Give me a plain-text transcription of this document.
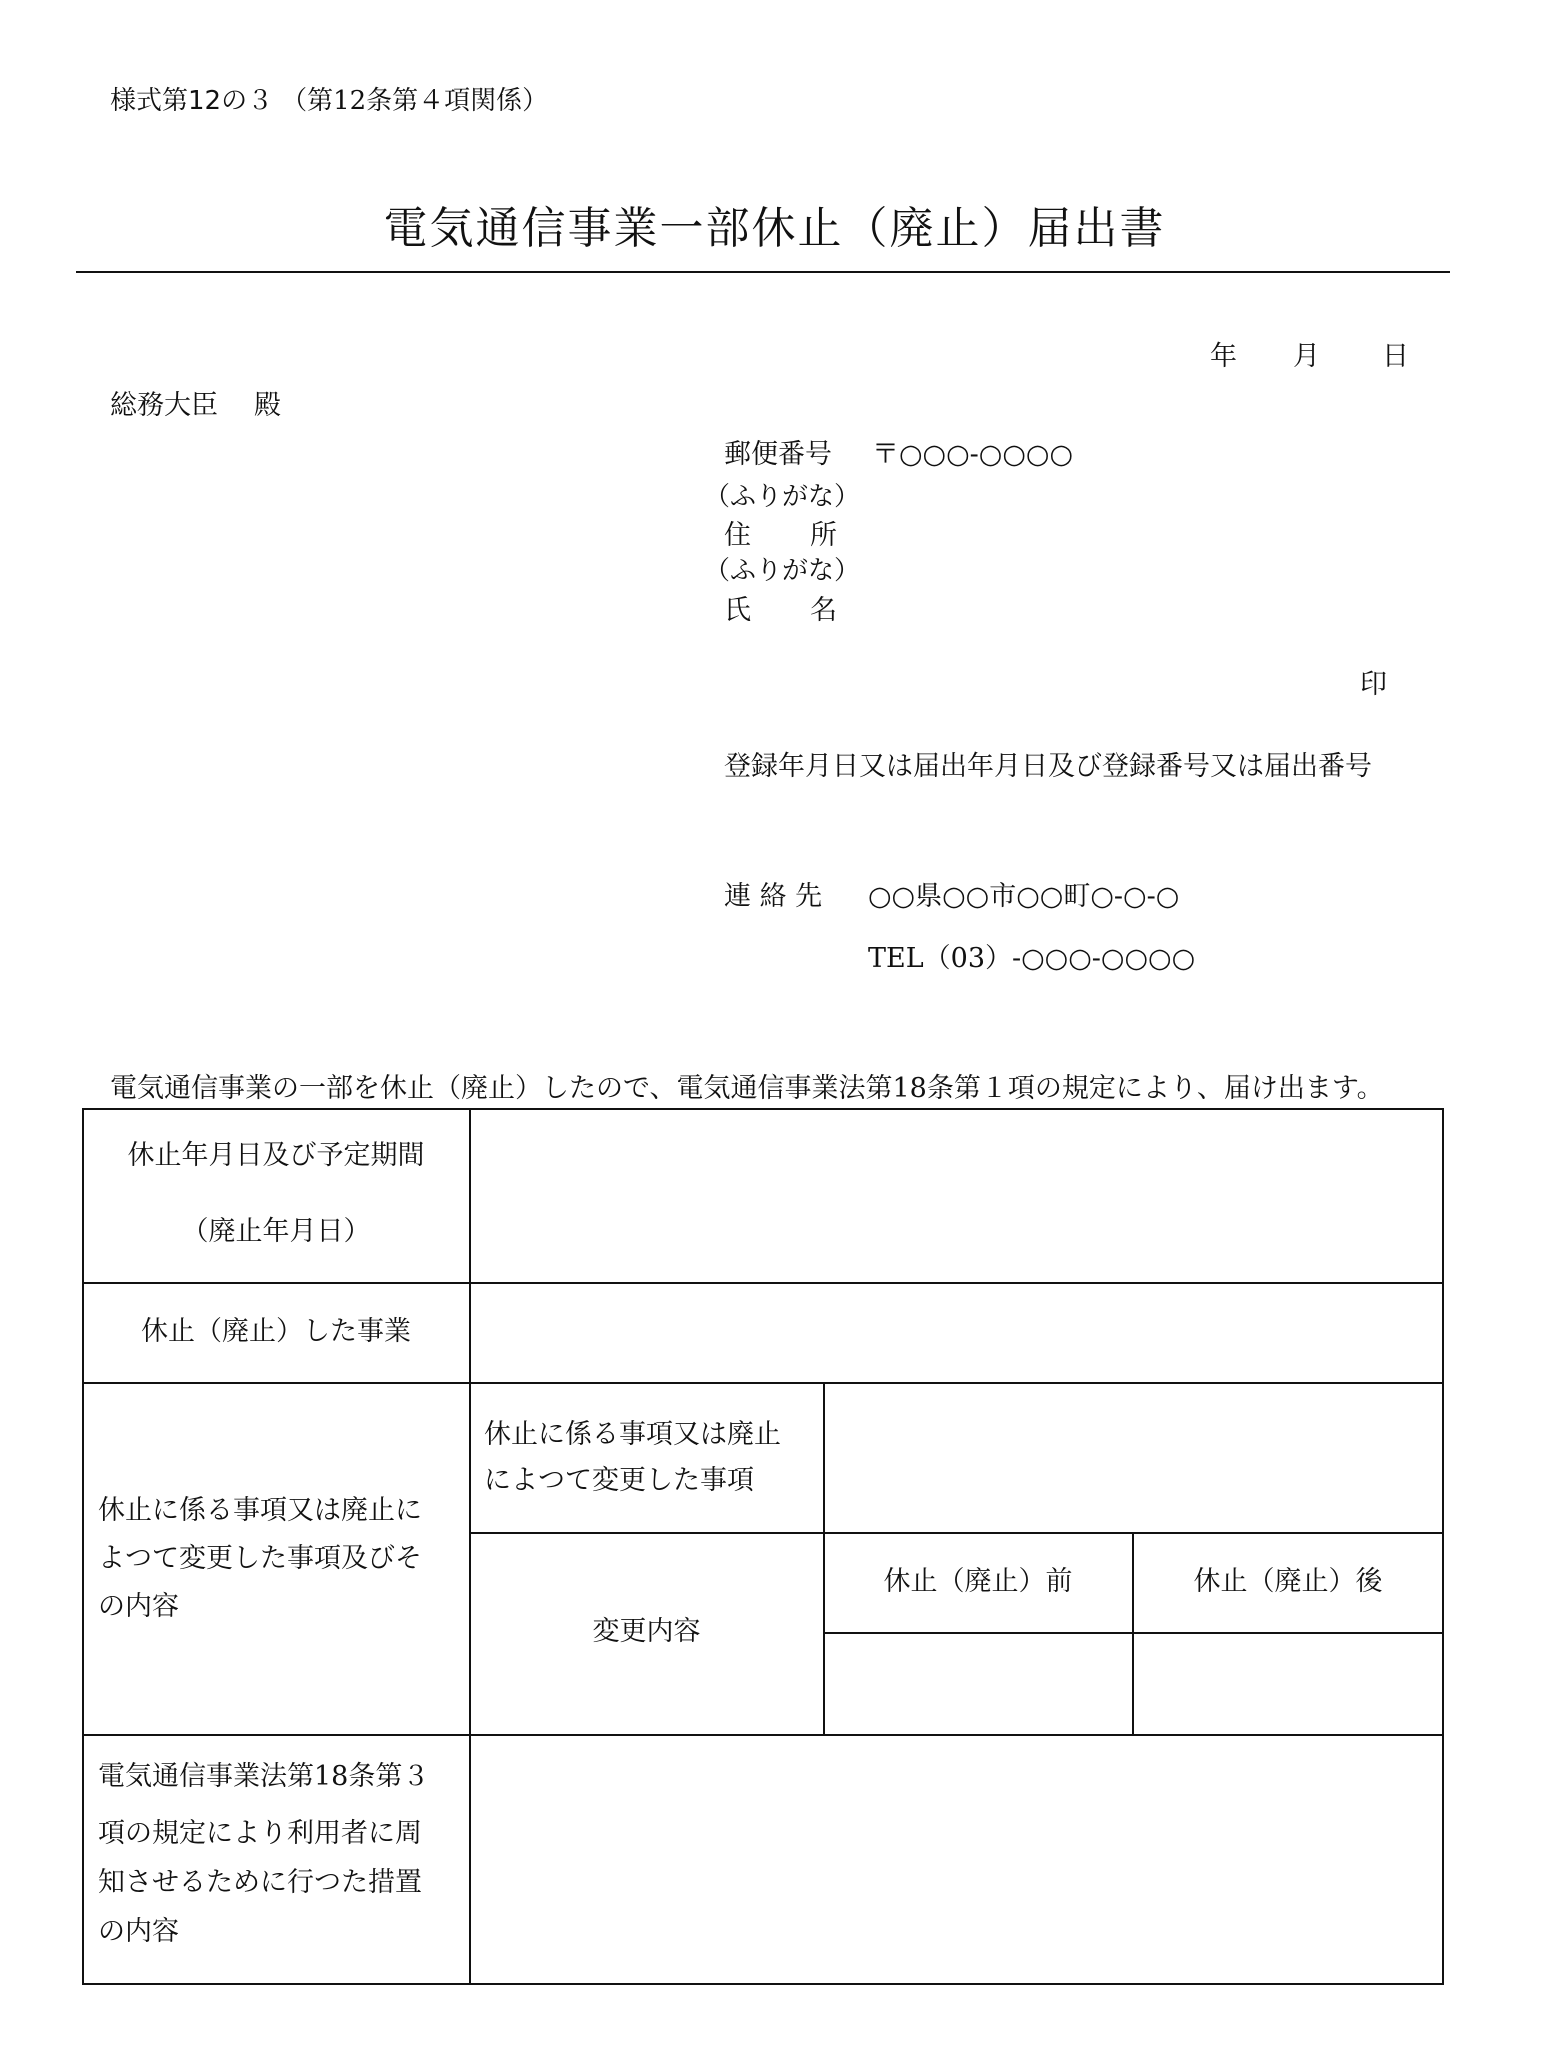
様式第12の３ （第12条第４項関係）
電気通信事業一部休止（廃止）届出書
年 月 日
総務大臣 殿
郵便番号 〒○○○-○○○○
（ふりがな）
住 所
（ふりがな）
氏 名
印
登録年月日又は届出年月日及び登録番号又は届出番号
連 絡 先 ○○県○○市○○町○-○-○
TEL（03）-○○○-○○○○
電気通信事業の一部を休止（廃止）したので、電気通信事業法第18条第１項の規定により、届け出ます。
休止年月日及び予定期間
（廃止年月日）
休止（廃止）した事業
休止に係る事項又は廃止に
よつて変更した事項及びそ
の内容
休止に係る事項又は廃止
によつて変更した事項
変更内容
休止（廃止）前	休止（廃止）後
電気通信事業法第18条第３
項の規定により利用者に周
知させるために行つた措置
の内容
